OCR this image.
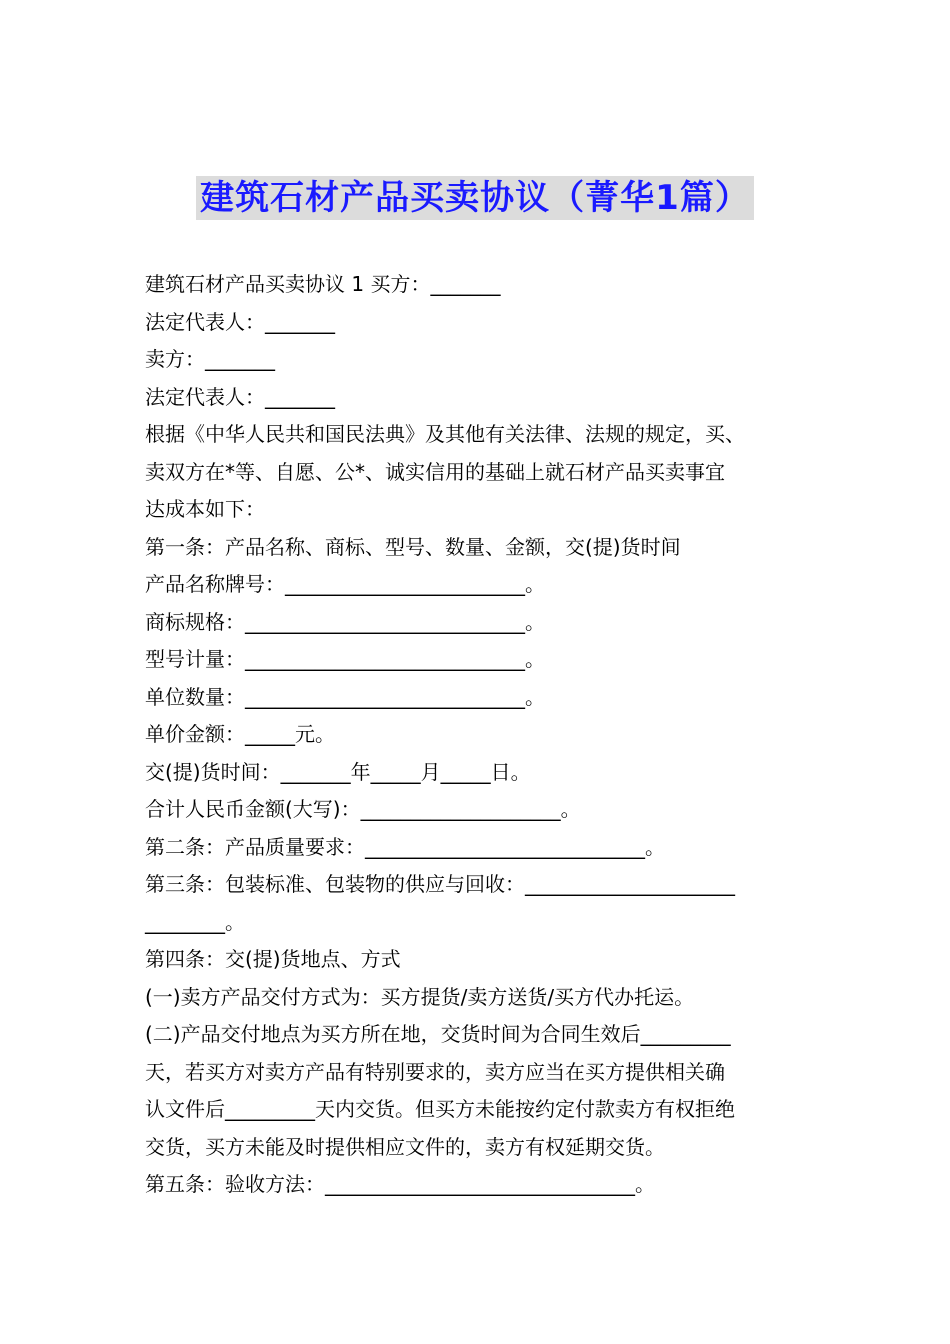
建筑石材产品买卖协议（菁华1篇）
建筑石材产品买卖协议 1 买方：_______
法定代表人：_______
卖方：_______
法定代表人：_______
根据《中华人民共和国民法典》及其他有关法律、法规的规定，买、
卖双方在*等、自愿、公*、诚实信用的基础上就石材产品买卖事宜
达成本如下：
第一条：产品名称、商标、型号、数量、金额，交(提)货时间
产品名称牌号：________________________。
商标规格：____________________________。
型号计量：____________________________。
单位数量：____________________________。
单价金额：_____元。
交(提)货时间：_______年_____月_____日。
合计人民币金额(大写)：____________________。
第二条：产品质量要求：____________________________。
第三条：包装标准、包装物的供应与回收：_____________________
________。
第四条：交(提)货地点、方式
(一)卖方产品交付方式为：买方提货/卖方送货/买方代办托运。
(二)产品交付地点为买方所在地，交货时间为合同生效后_________
天，若买方对卖方产品有特别要求的，卖方应当在买方提供相关确
认文件后_________天内交货。但买方未能按约定付款卖方有权拒绝
交货，买方未能及时提供相应文件的，卖方有权延期交货。
第五条：验收方法：_______________________________。
